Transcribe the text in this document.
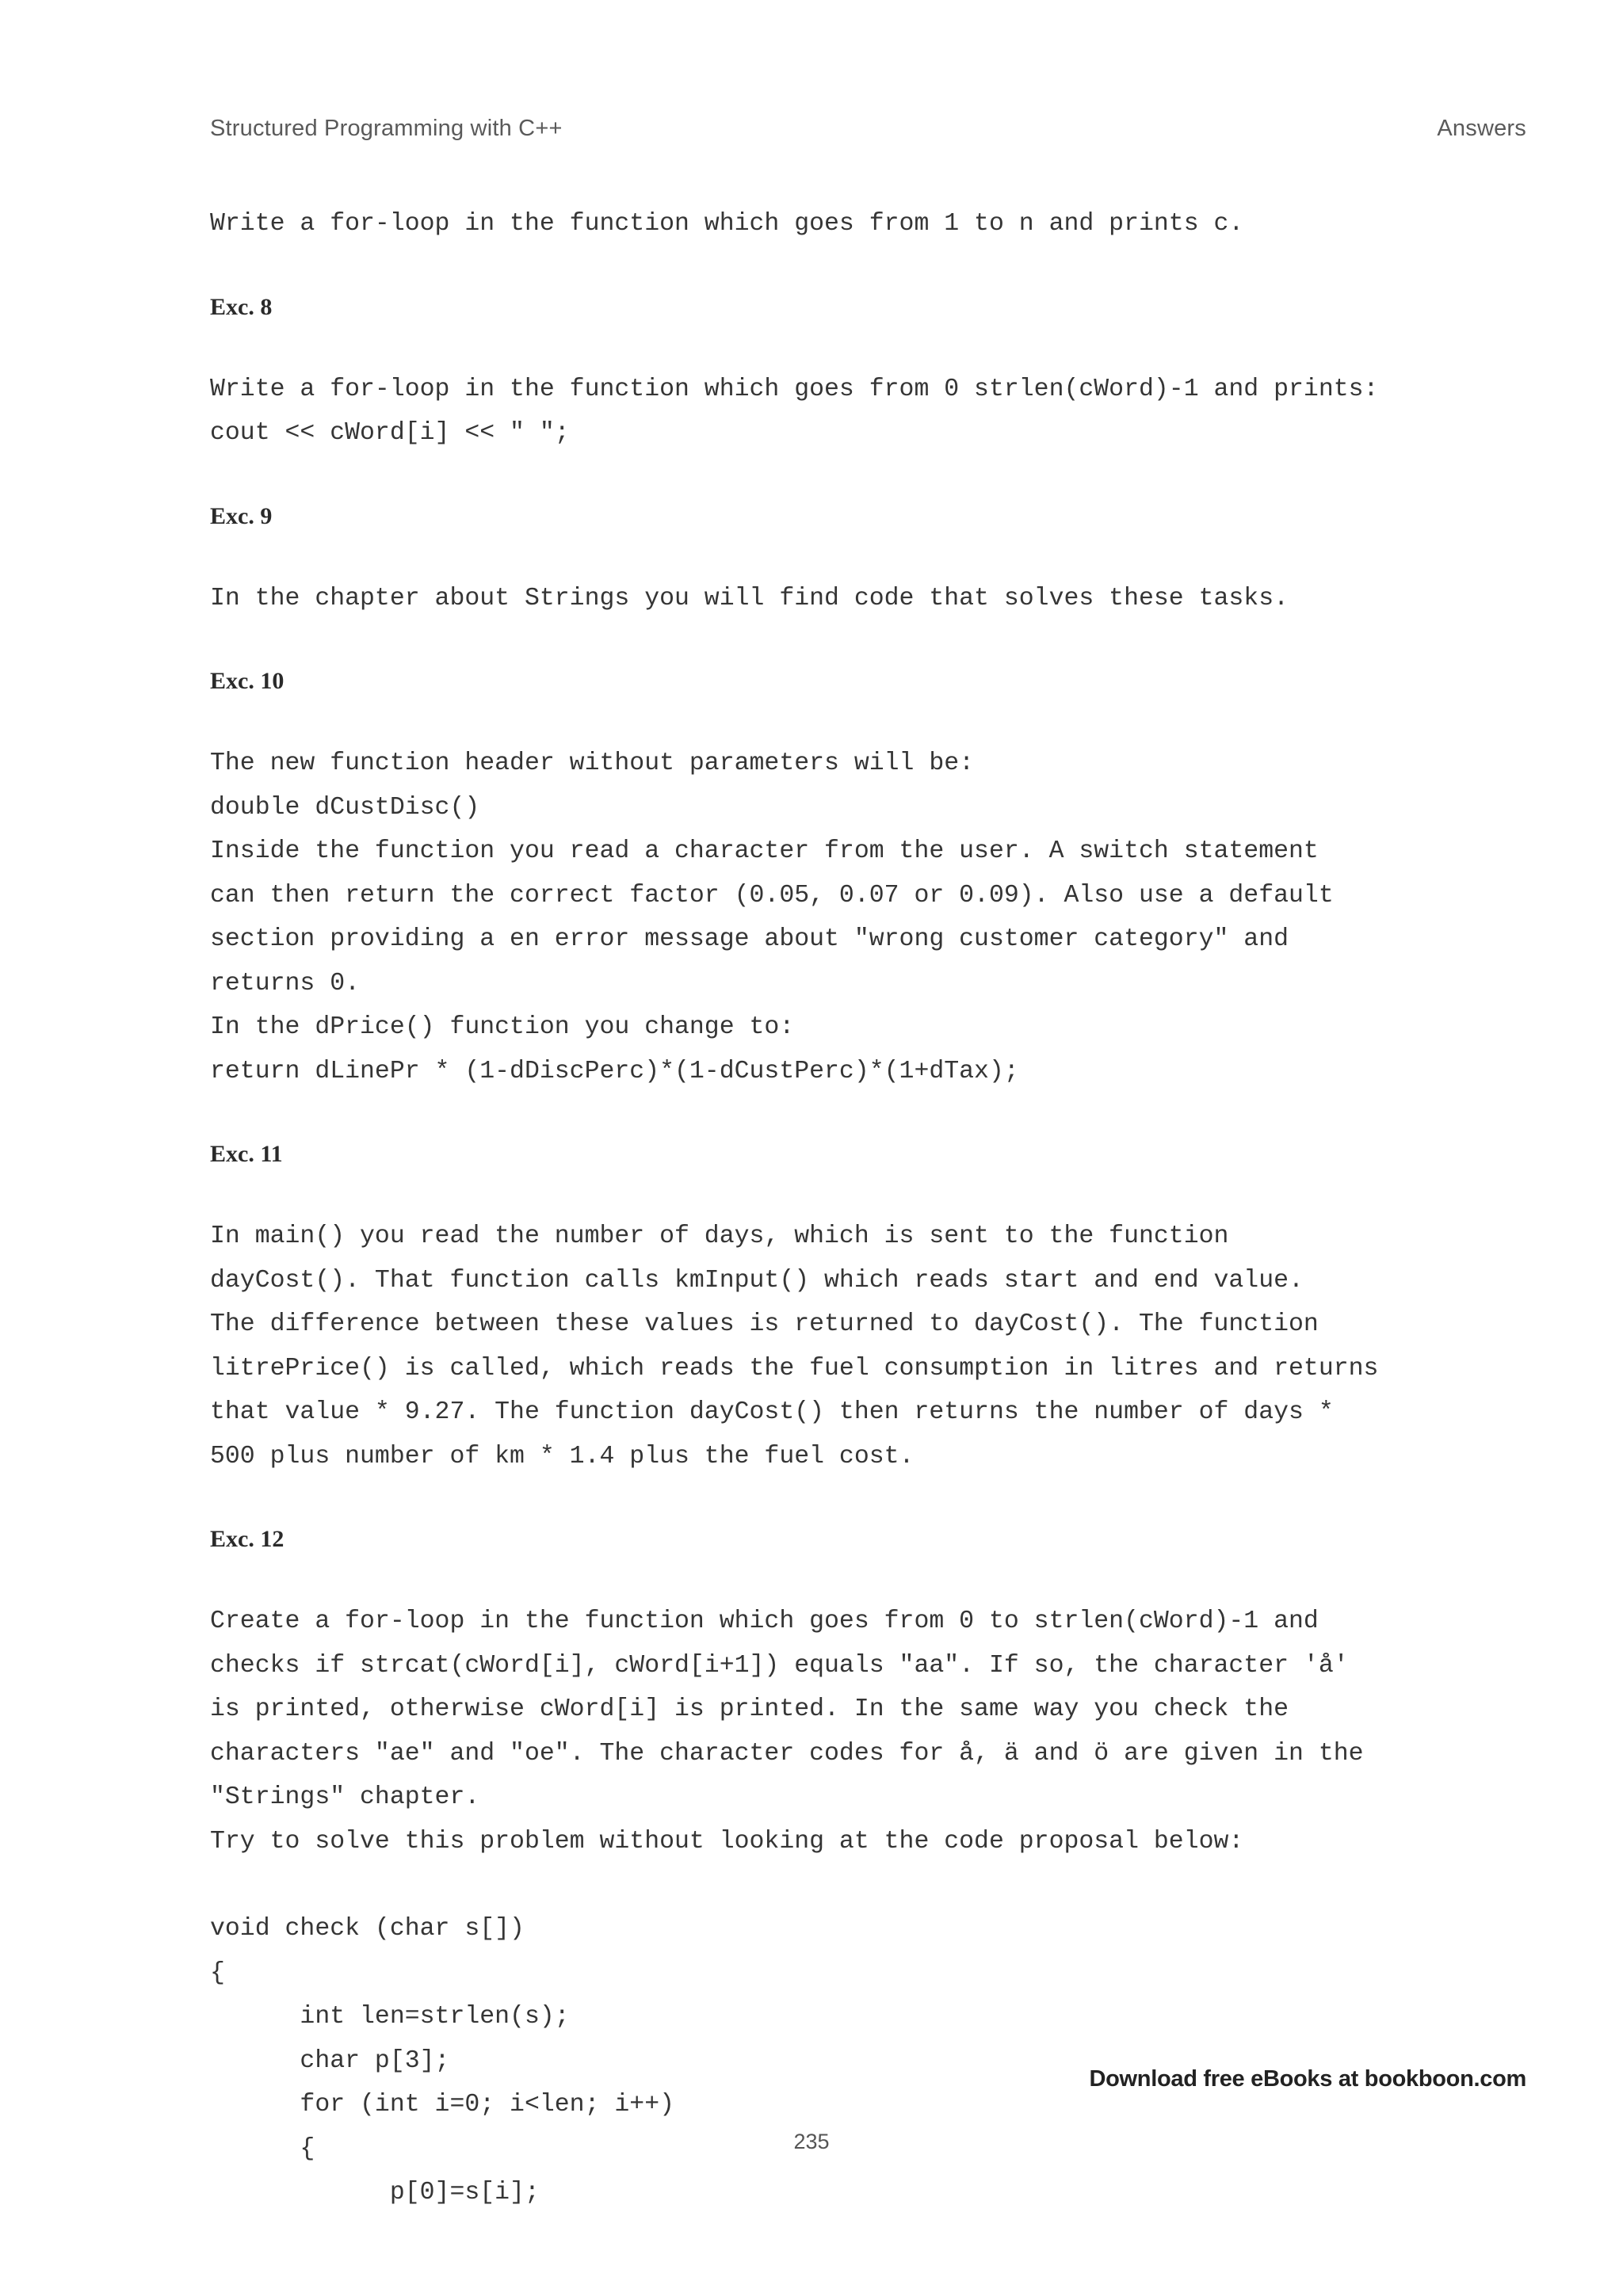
Structured Programming with C++	Answers

Write a for-loop in the function which goes from 1 to n and prints c.

Exc. 8

Write a for-loop in the function which goes from 0 strlen(cWord)-1 and prints:

cout << cWord[i] << " ";

Exc. 9

In the chapter about Strings you will find code that solves these tasks.

Exc. 10

The new function header without parameters will be:

double dCustDisc()

Inside the function you read a character from the user. A switch statement

can then return the correct factor (0.05, 0.07 or 0.09). Also use a default

section providing a en error message about "wrong customer category" and

returns 0.

In the dPrice() function you change to:

return dLinePr * (1-dDiscPerc)*(1-dCustPerc)*(1+dTax);

Exc. 11

In main() you read the number of days, which is sent to the function

dayCost(). That function calls kmInput() which reads start and end value.

The difference between these values is returned to dayCost(). The function

litrePrice() is called, which reads the fuel consumption in litres and returns

that value * 9.27. The function dayCost() then returns the number of days *

500 plus number of km * 1.4 plus the fuel cost.

Exc. 12

Create a for-loop in the function which goes from 0 to strlen(cWord)-1 and

checks if strcat(cWord[i], cWord[i+1]) equals "aa". If so, the character 'å'

is printed, otherwise cWord[i] is printed. In the same way you check the

characters "ae" and "oe". The character codes for å, ä and ö are given in the

"Strings" chapter.

Try to solve this problem without looking at the code proposal below:

void check (char s[])

{

int len=strlen(s);

char p[3];

for (int i=0; i<len; i++)

{

p[0]=s[i];

Download free eBooks at bookboon.com
235
